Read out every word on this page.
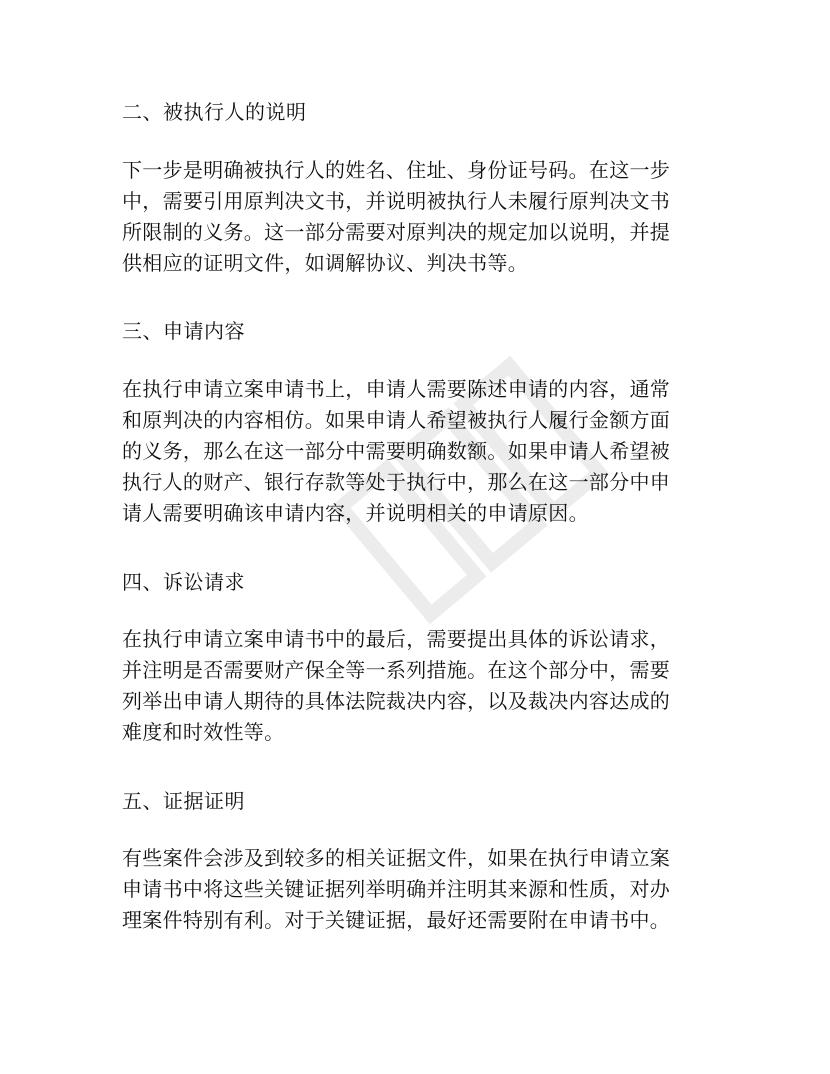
二、被执行人的说明
下一步是明确被执行人的姓名、住址、身份证号码。在这一步
中，需要引用原判决文书，并说明被执行人未履行原判决文书
所限制的义务。这一部分需要对原判决的规定加以说明，并提
供相应的证明文件，如调解协议、判决书等。
三、申请内容
在执行申请立案申请书上，申请人需要陈述申请的内容，通常
和原判决的内容相仿。如果申请人希望被执行人履行金额方面
的义务，那么在这一部分中需要明确数额。如果申请人希望被
执行人的财产、银行存款等处于执行中，那么在这一部分中申
请人需要明确该申请内容，并说明相关的申请原因。
四、诉讼请求
在执行申请立案申请书中的最后，需要提出具体的诉讼请求，
并注明是否需要财产保全等一系列措施。在这个部分中，需要
列举出申请人期待的具体法院裁决内容，以及裁决内容达成的
难度和时效性等。
五、证据证明
有些案件会涉及到较多的相关证据文件，如果在执行申请立案
申请书中将这些关键证据列举明确并注明其来源和性质，对办
理案件特别有利。对于关键证据，最好还需要附在申请书中。
